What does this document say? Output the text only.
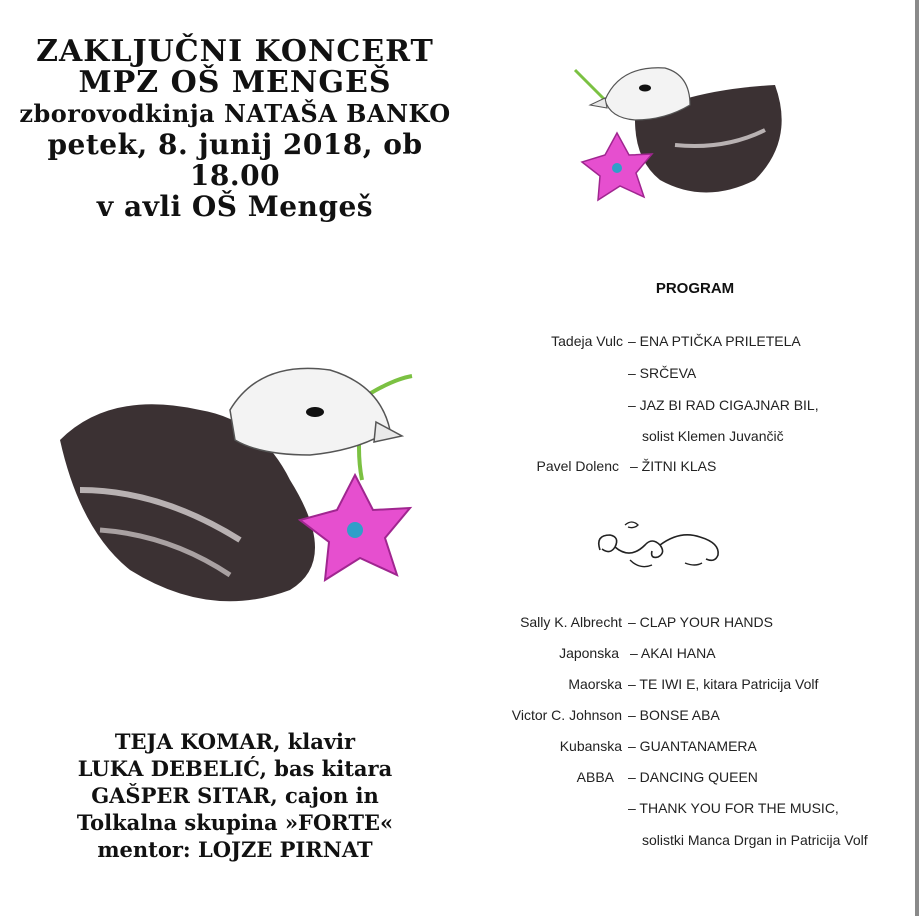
ZAKLJUČNI KONCERT
MPZ OŠ MENGEŠ
zborovodkinja NATAŠA BANKO
petek, 8. junij 2018, ob 18.00
v avli OŠ Mengeš
TEJA KOMAR, klavir
LUKA DEBELIĆ, bas kitara
GAŠPER SITAR, cajon in
Tolkalna skupina »FORTE«
mentor: LOJZE PIRNAT
PROGRAM
Tadeja Vulc – ENA PTIČKA PRILETELA
– SRČEVA
– JAZ BI RAD CIGAJNAR BIL,
solist Klemen Juvančič
Pavel Dolenc – ŽITNI KLAS
Sally K. Albrecht – CLAP YOUR HANDS
Japonska – AKAI HANA
Maorska – TE IWI E, kitara Patricija Volf
Victor C. Johnson – BONSE ABA
Kubanska – GUANTANAMERA
ABBA – DANCING QUEEN
– THANK YOU FOR THE MUSIC,
solistki Manca Drgan in Patricija Volf
